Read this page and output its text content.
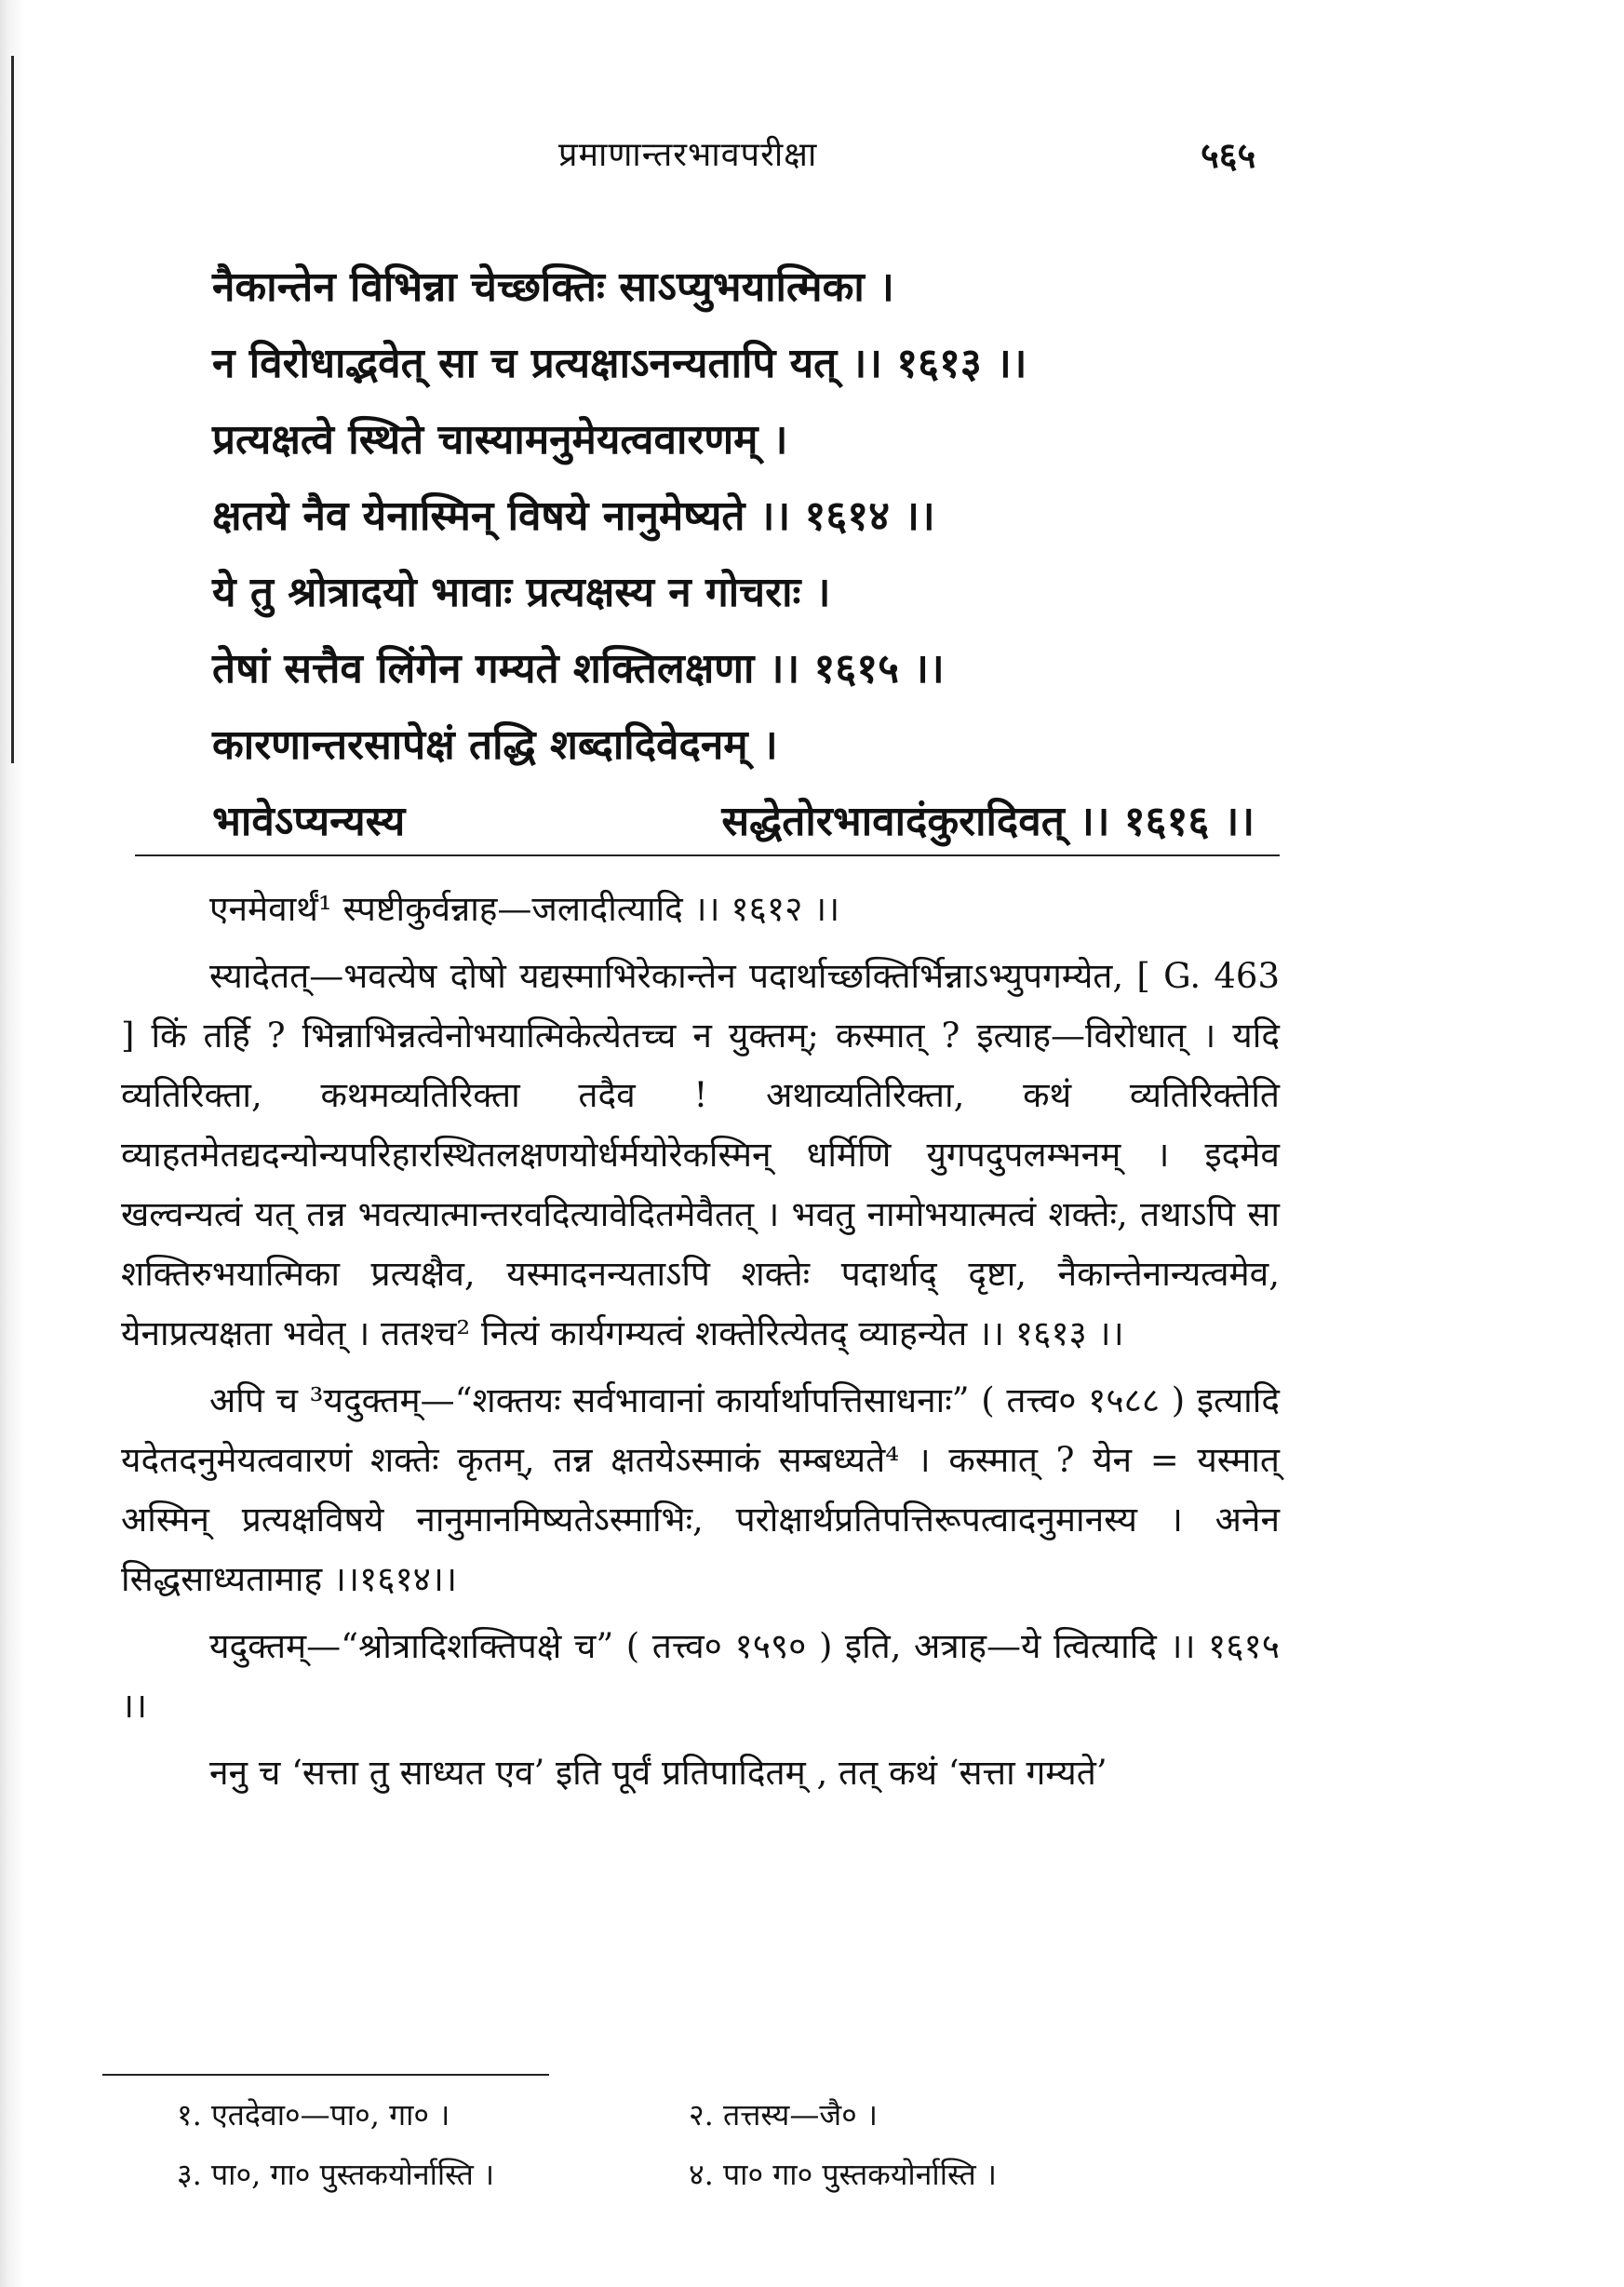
प्रमाणान्तरभावपरीक्षा	५६५
नैकान्तेन विभिन्ना चेच्छक्तिः साऽप्युभयात्मिका ।
न विरोधाद्भवेत् सा च प्रत्यक्षाऽनन्यतापि यत् ।। १६१३ ।।
प्रत्यक्षत्वे स्थिते चास्यामनुमेयत्ववारणम् ।
क्षतये नैव येनास्मिन् विषये नानुमेष्यते ।। १६१४ ।।
ये तु श्रोत्रादयो भावाः प्रत्यक्षस्य न गोचराः ।
तेषां सत्तैव लिंगेन गम्यते शक्तिलक्षणा ।। १६१५ ।।
कारणान्तरसापेक्षं तद्धि शब्दादिवेदनम् ।
भावेऽप्यन्यस्य	सद्धेतोरभावादंकुरादिवत् ।। १६१६ ।।

एनमेवार्थं¹ स्पष्टीकुर्वन्नाह—जलादीत्यादि ।। १६१२ ।।

स्यादेतत्—भवत्येष दोषो यद्यस्माभिरेकान्तेन पदार्थाच्छक्तिर्भिन्नाऽभ्युपगम्येत, [ G. 463 ] किं तर्हि ? भिन्नाभिन्नत्वेनोभयात्मिकेत्येतच्च न युक्तम्; कस्मात् ? इत्याह—विरोधात् । यदि व्यतिरिक्ता, कथमव्यतिरिक्ता तदैव ! अथाव्यतिरिक्ता, कथं व्यतिरिक्तेति व्याहतमेतद्यदन्योन्यपरिहारस्थितलक्षणयोर्धर्मयोरेकस्मिन् धर्मिणि युगपदुपलम्भनम् । इदमेव खल्वन्यत्वं यत् तन्न भवत्यात्मान्तरवदित्यावेदितमेवैतत् । भवतु नामोभयात्मत्वं शक्तेः, तथाऽपि सा शक्तिरुभयात्मिका प्रत्यक्षैव, यस्मादनन्यताऽपि शक्तेः पदार्थाद् दृष्टा, नैकान्तेनान्यत्वमेव, येनाप्रत्यक्षता भवेत् । ततश्च² नित्यं कार्यगम्यत्वं शक्तेरित्येतद् व्याहन्येत ।। १६१३ ।।

अपि च ³यदुक्तम्—“शक्तयः सर्वभावानां कार्यार्थापत्तिसाधनाः” ( तत्त्व० १५८८ ) इत्यादि यदेतदनुमेयत्ववारणं शक्तेः कृतम्, तन्न क्षतयेऽस्माकं सम्बध्यते⁴ । कस्मात् ? येन = यस्मात् अस्मिन् प्रत्यक्षविषये नानुमानमिष्यतेऽस्माभिः, परोक्षार्थप्रतिपत्तिरूपत्वादनुमानस्य । अनेन सिद्धसाध्यतामाह ।।१६१४।।

यदुक्तम्—“श्रोत्रादिशक्तिपक्षे च” ( तत्त्व० १५९० ) इति, अत्राह—ये त्वित्यादि ।। १६१५ ।।

ननु च ‘सत्ता तु साध्यत एव’ इति पूर्वं प्रतिपादितम् , तत् कथं ‘सत्ता गम्यते’

१. एतदेवा०—पा०, गा० ।	२. तत्तस्य—जै० ।
३. पा०, गा० पुस्तकयोर्नास्ति ।	४. पा० गा० पुस्तकयोर्नास्ति ।
